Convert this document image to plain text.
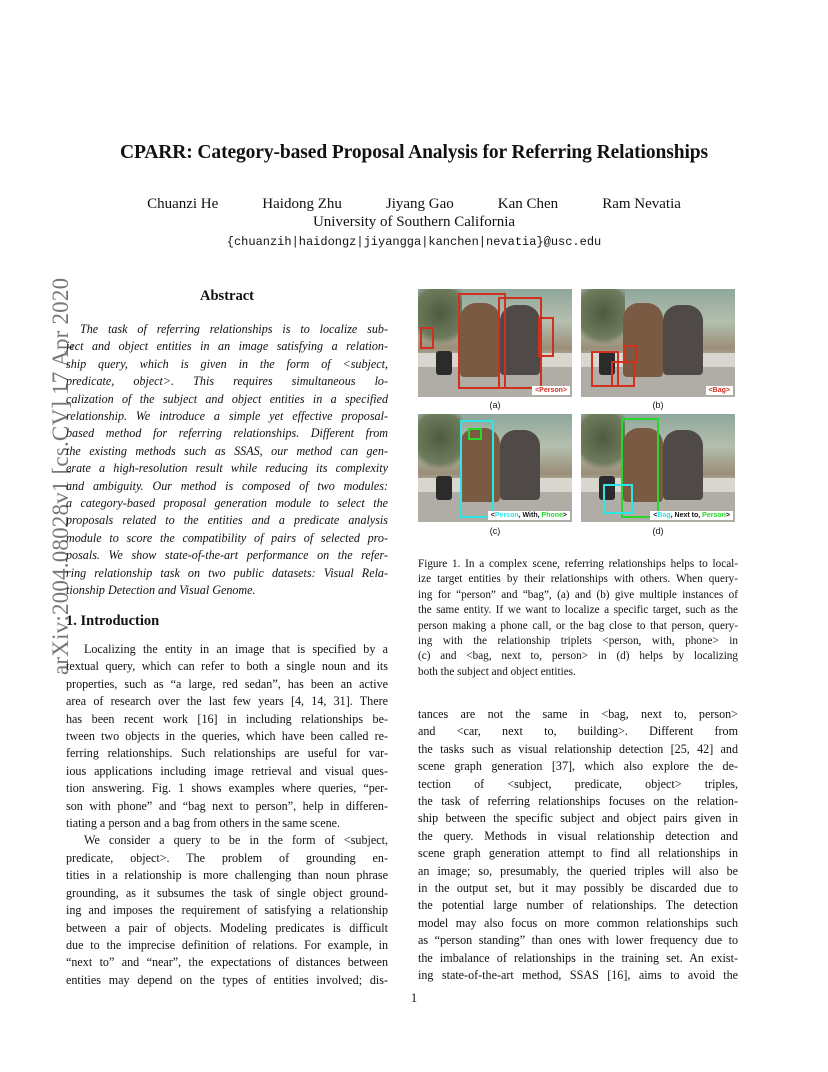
CPARR: Category-based Proposal Analysis for Referring Relationships
Chuanzi He	Haidong Zhu	Jiyang Gao	Kan Chen	Ram Nevatia
University of Southern California
{chuanzih|haidongz|jiyangga|kanchen|nevatia}@usc.edu
arXiv:2004.08028v1 [cs.CV] 17 Apr 2020	Abstract
The task of referring relationships is to localize sub-
ject and object entities in an image satisfying a relation-
ship query, which is given in the form of <subject,
predicate, object>. This requires simultaneous lo-
calization of the subject and object entities in a specified
relationship. We introduce a simple yet effective proposal-
based method for referring relationships. Different from
the existing methods such as SSAS, our method can gen-
erate a high-resolution result while reducing its complexity
and ambiguity. Our method is composed of two modules:
a category-based proposal generation module to select the
proposals related to the entities and a predicate analysis
module to score the compatibility of pairs of selected pro-
posals. We show state-of-the-art performance on the refer-
ring relationship task on two public datasets: Visual Rela-
tionship Detection and Visual Genome.
1. Introduction
Localizing the entity in an image that is specified by a
textual query, which can refer to both a single noun and its
properties, such as “a large, red sedan”, has been an active
area of research over the last few years [4, 14, 31]. There
has been recent work [16] in including relationships be-
tween two objects in the queries, which have been called re-
ferring relationships. Such relationships are useful for var-
ious applications including image retrieval and visual ques-
tion answering. Fig. 1 shows examples where queries, “per-
son with phone” and “bag next to person”, help in differen-
tiating a person and a bag from others in the same scene.
We consider a query to be in the form of <subject,
predicate, object>. The problem of grounding en-
tities in a relationship is more challenging than noun phrase
grounding, as it subsumes the task of single object ground-
ing and imposes the requirement of satisfying a relationship
between a pair of objects. Modeling predicates is difficult
due to the imprecise definition of relations. For example, in
“next to” and “near”, the expectations of distances between
entities may depend on the types of entities involved; dis-
<Person>
(a)
<Bag>
(b)
<Person, With, Phone>
(c)
<Bag, Next to, Person>
(d)
Figure 1. In a complex scene, referring relationships helps to local-
ize target entities by their relationships with others. When query-
ing for “person” and “bag”, (a) and (b) give multiple instances of
the same entity. If we want to localize a specific target, such as the
person making a phone call, or the bag close to that person, query-
ing with the relationship triplets <person, with, phone> in
(c) and <bag, next to, person> in (d) helps by localizing
both the subject and object entities.
tances are not the same in <bag, next to, person>
and <car, next to, building>. Different from
the tasks such as visual relationship detection [25, 42] and
scene graph generation [37], which also explore the de-
tection of <subject, predicate, object> triples,
the task of referring relationships focuses on the relation-
ship between the specific subject and object pairs given in
the query. Methods in visual relationship detection and
scene graph generation attempt to find all relationships in
an image; so, presumably, the queried triples will also be
in the output set, but it may possibly be discarded due to
the potential large number of relationships. The detection
model may also focus on more common relationships such
as “person standing” than ones with lower frequency due to
the imbalance of relationships in the training set. An exist-
ing state-of-the-art method, SSAS [16], aims to avoid the
1
